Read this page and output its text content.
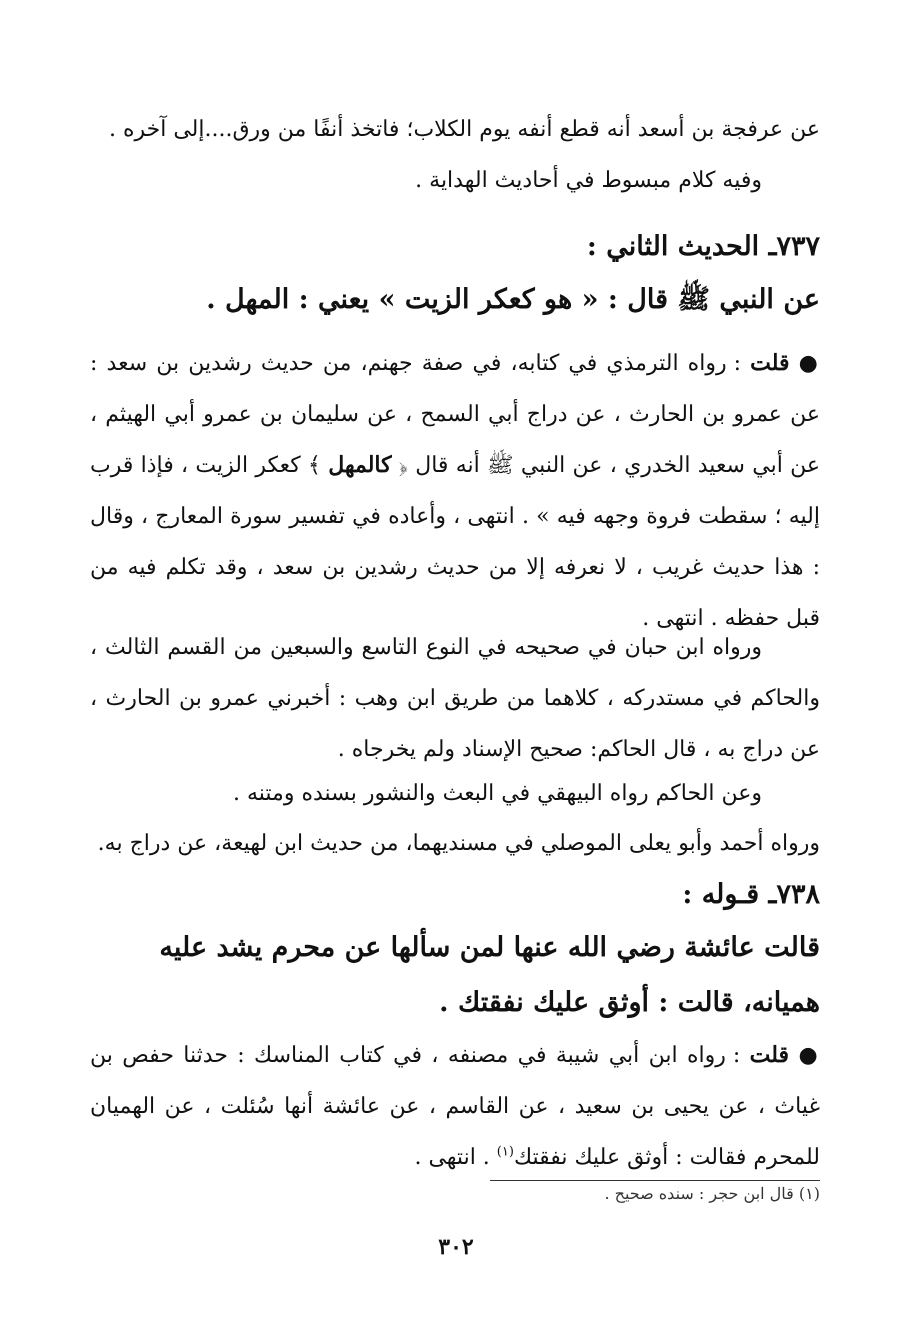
عن عرفجة بن أسعد أنه قطع أنفه يوم الكلاب؛ فاتخذ أنفًا من ورق....إلى آخره .
وفيه كلام مبسوط في أحاديث الهداية .

٧٣٧ـ الحديث الثاني :

عن النبي ﷺ قال : « هو كعكر الزيت » يعني : المهل .

● قلت : رواه الترمذي في كتابه، في صفة جهنم، من حديث رشدين بن سعد : عن عمرو بن الحارث ، عن دراج أبي السمح ، عن سليمان بن عمرو أبي الهيثم ، عن أبي سعيد الخدري ، عن النبي ﷺ أنه قال ﴿ كالمهل ﴾ كعكر الزيت ، فإذا قرب إليه ؛ سقطت فروة وجهه فيه » . انتهى ، وأعاده في تفسير سورة المعارج ، وقال : هذا حديث غريب ، لا نعرفه إلا من حديث رشدين بن سعد ، وقد تكلم فيه من قبل حفظه . انتهى .

ورواه ابن حبان في صحيحه في النوع التاسع والسبعين من القسم الثالث ، والحاكم في مستدركه ، كلاهما من طريق ابن وهب : أخبرني عمرو بن الحارث ، عن دراج به ، قال الحاكم: صحيح الإسناد ولم يخرجاه .

وعن الحاكم رواه البيهقي في البعث والنشور بسنده ومتنه .

ورواه أحمد وأبو يعلى الموصلي في مسنديهما، من حديث ابن لهيعة، عن دراج به.

٧٣٨ـ قـوله :

قالت عائشة رضي الله عنها لمن سألها عن محرم يشد عليه هميانه، قالت : أوثق عليك نفقتك .

● قلت : رواه ابن أبي شيبة في مصنفه ، في كتاب المناسك : حدثنا حفص بن غياث ، عن يحيى بن سعيد ، عن القاسم ، عن عائشة أنها سُئلت ، عن الهميان للمحرم فقالت : أوثق عليك نفقتك$^{(١)}$ . انتهى .

(١) قال ابن حجر : سنده صحيح .

٣٠٢
